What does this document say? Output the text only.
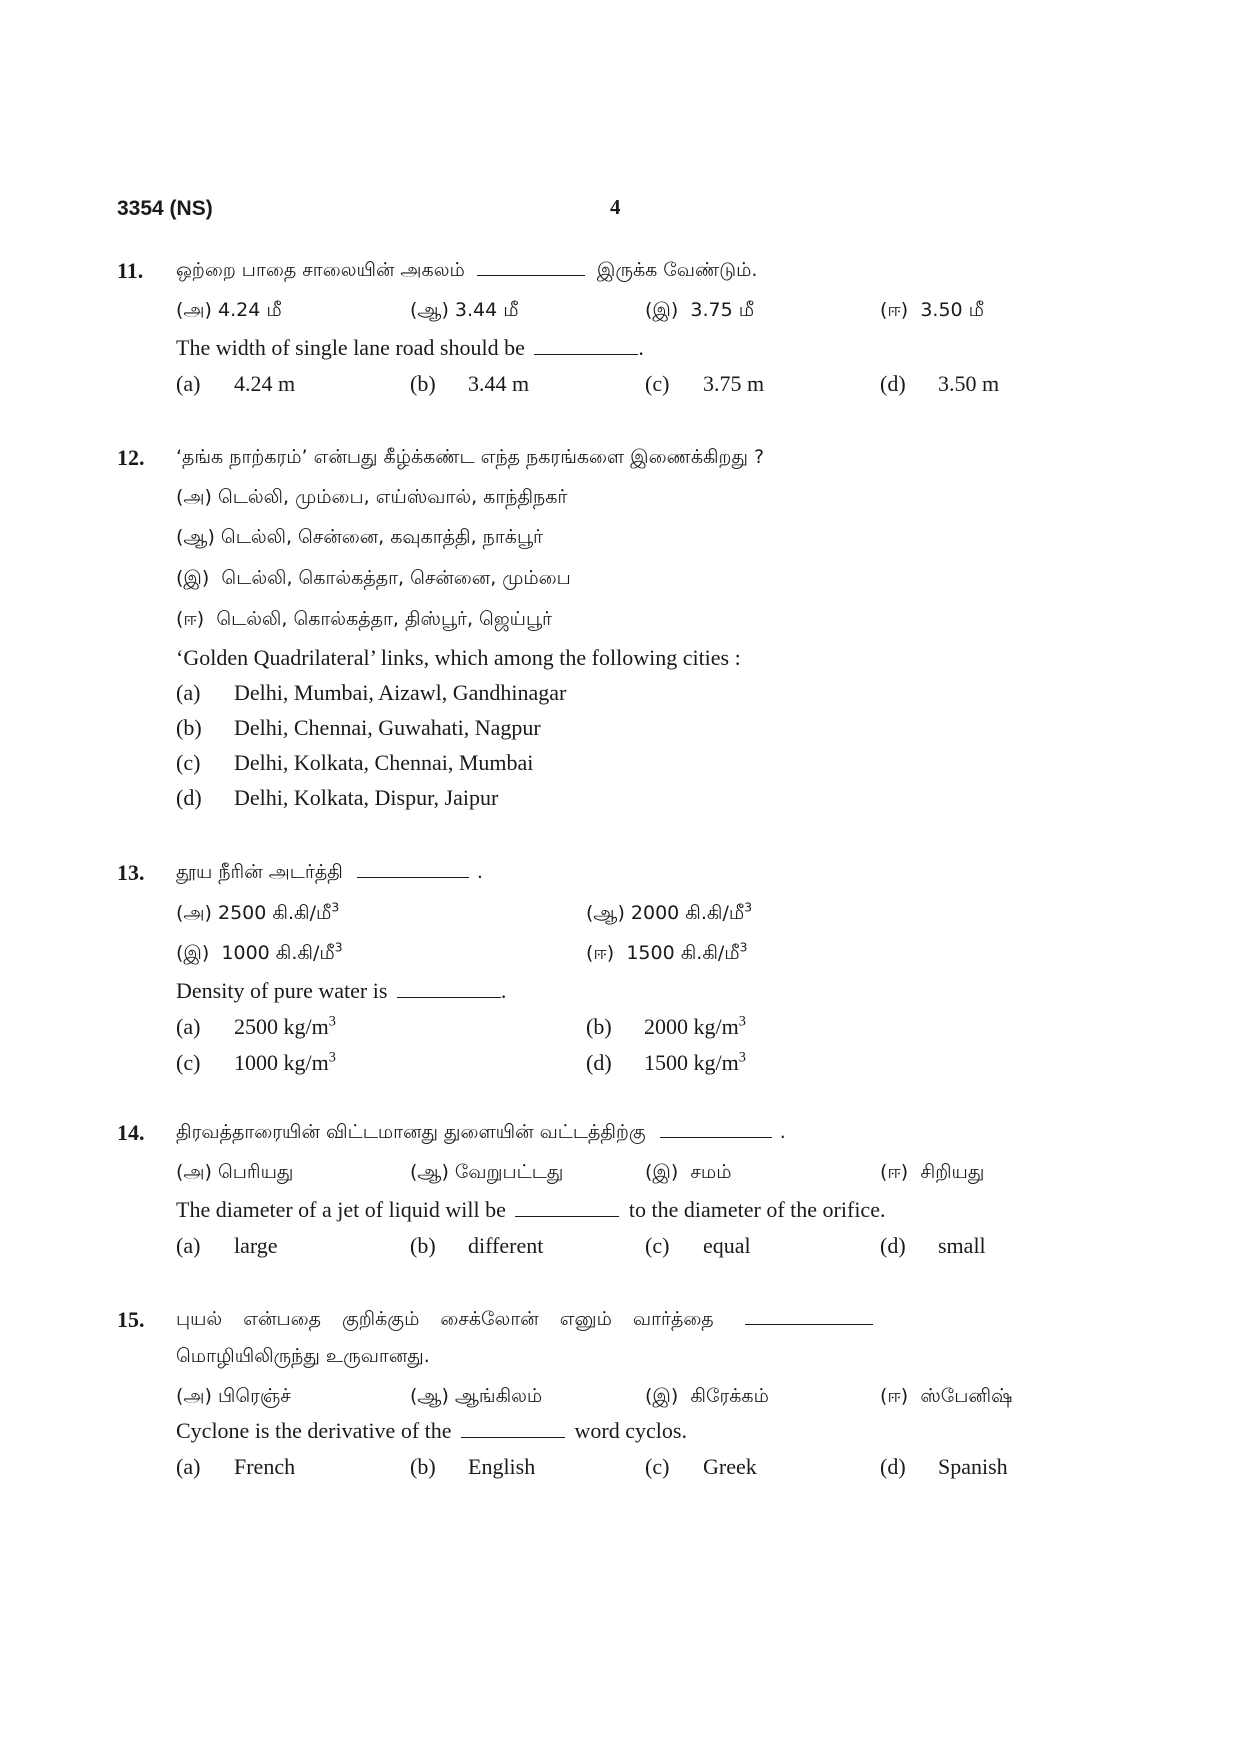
3354 (NS)	4
11. ஒற்றை பாதை சாலையின் அகலம்	இருக்க வேண்டும்.
(அ) 4.24 மீ	(ஆ) 3.44 மீ	(இ) 3.75 மீ	(ஈ) 3.50 மீ
The width of single lane road should be	.
(a) 4.24 m	(b) 3.44 m	(c) 3.75 m	(d) 3.50 m
12. ‘தங்க நாற்கரம்’ என்பது கீழ்க்கண்ட எந்த நகரங்களை இணைக்கிறது ?
(அ) டெல்லி, மும்பை, எய்ஸ்வால், காந்திநகர்
(ஆ) டெல்லி, சென்னை, கவுகாத்தி, நாக்பூர்
(இ) டெல்லி, கொல்கத்தா, சென்னை, மும்பை
(ஈ) டெல்லி, கொல்கத்தா, திஸ்பூர், ஜெய்பூர்
‘Golden Quadrilateral’ links, which among the following cities :
(a) Delhi, Mumbai, Aizawl, Gandhinagar
(b) Delhi, Chennai, Guwahati, Nagpur
(c) Delhi, Kolkata, Chennai, Mumbai
(d) Delhi, Kolkata, Dispur, Jaipur
13. தூய நீரின் அடர்த்தி	.
(அ) 2500 கி.கி/மீ$^3$	(ஆ) 2000 கி.கி/மீ$^3$
(இ) 1000 கி.கி/மீ$^3$	(ஈ) 1500 கி.கி/மீ$^3$
Density of pure water is	.
(a) 2500 $kg/m^3$	(b) 2000 $kg/m^3$
(c) 1000 $kg/m^3$	(d) 1500 $kg/m^3$
14. திரவத்தாரையின் விட்டமானது துளையின் வட்டத்திற்கு	.
(அ) பெரியது	(ஆ) வேறுபட்டது	(இ) சமம்	(ஈ) சிறியது
The diameter of a jet of liquid will be	to the diameter of the orifice.
(a) large	(b) different	(c) equal	(d) small
15. புயல் என்பதை குறிக்கும் சைக்லோன் எனும் வார்த்தை
மொழியிலிருந்து உருவானது.
(அ) பிரெஞ்ச்	(ஆ) ஆங்கிலம்	(இ) கிரேக்கம்	(ஈ) ஸ்பேனிஷ்
Cyclone is the derivative of the	word cyclos.
(a) French	(b) English	(c) Greek	(d) Spanish
